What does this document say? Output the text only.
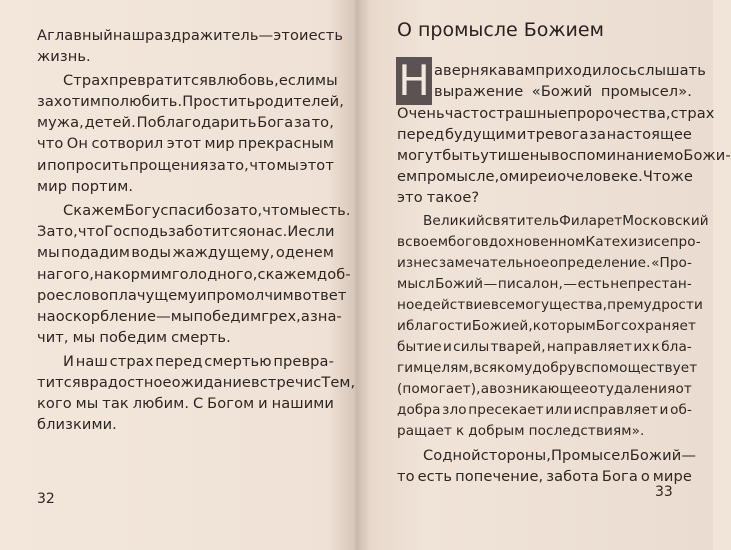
32
А главный наш раздражитель — это и есть
жизнь.
Страх превратится в любовь, если мы
захотим полюбить. Простить родителей,
мужа, детей. Поблагодарить Бога за то,
что Он сотворил этот мир прекрасным
и попросить прощения за то, что мы этот
мир портим.
Скажем Богу спасибо за то, что мы есть.
За то, что Господь заботится о нас. И если
мы подадим воды жаждущему, оденем
нагого, накормим голодного, скажем доб-
рое слово плачущему и промолчим в ответ
на оскорбление — мы победим грех, а зна-
чит, мы победим смерть.
И наш страх перед смертью превра-
тится в радостное ожидание встречи с Тем,
кого мы так любим. С Богом и нашими
близкими.
О промысле Божием
Н
33
аверняка вам приходилось слышать
выражение «Божий промысел».
Очень часто страшные пророчества, страх
перед будущим и тревога за настоящее
могут быть утишены воспоминанием о Божи-
ем промысле, о мире и о человеке. Что же
это такое?
Великий святитель Филарет Московский
в своем боговдохновенном Катехизисе про-
изнес замечательное определение. «Про-
мысл Божий — писал он, — есть непрестан-
ное действие всемогущества, премудрости
и благости Божией, которым Бог сохраняет
бытие и силы тварей, направляет их к бла-
гим целям, всякому добру вспомоществует
(помогает), а возникающее от удаления от
добра зло пресекает или исправляет и об-
ращает к добрым последствиям».
С одной стороны, Промысел Божий —
то есть попечение, забота Бога о мире
